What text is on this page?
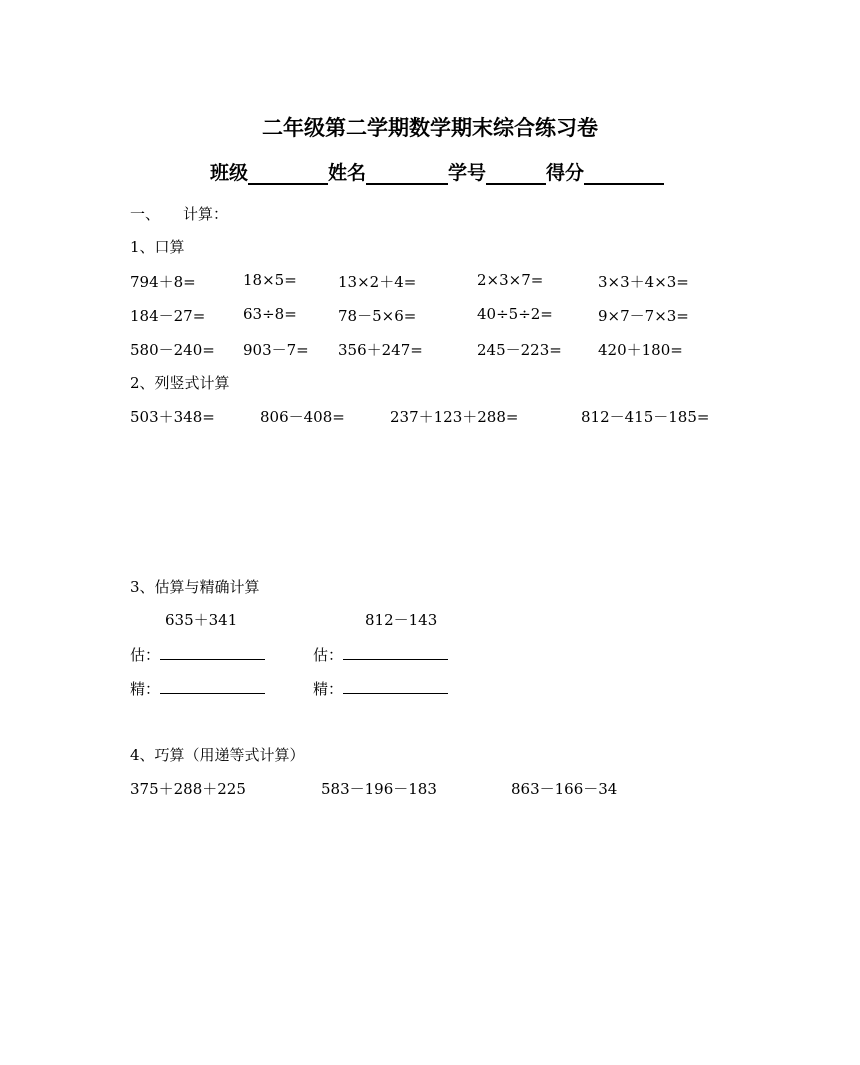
二年级第二学期数学期末综合练习卷
班级	姓名	学号	得分
一、 计算：
1、口算
794＋8=	18×5=	13×2＋4=	2×3×7=	3×3＋4×3=
184－27=	63÷8=	78－5×6=	40÷5÷2=	9×7－7×3=
580－240= 903－7= 356＋247=	245－223= 420＋180=
2、列竖式计算
503＋348=	806－408=	237＋123＋288=	812－415－185=
3、估算与精确计算
635＋341	812－143
估：	估：
精：	精：
4、巧算（用递等式计算）
375＋288＋225	583－196－183	863－166－34
